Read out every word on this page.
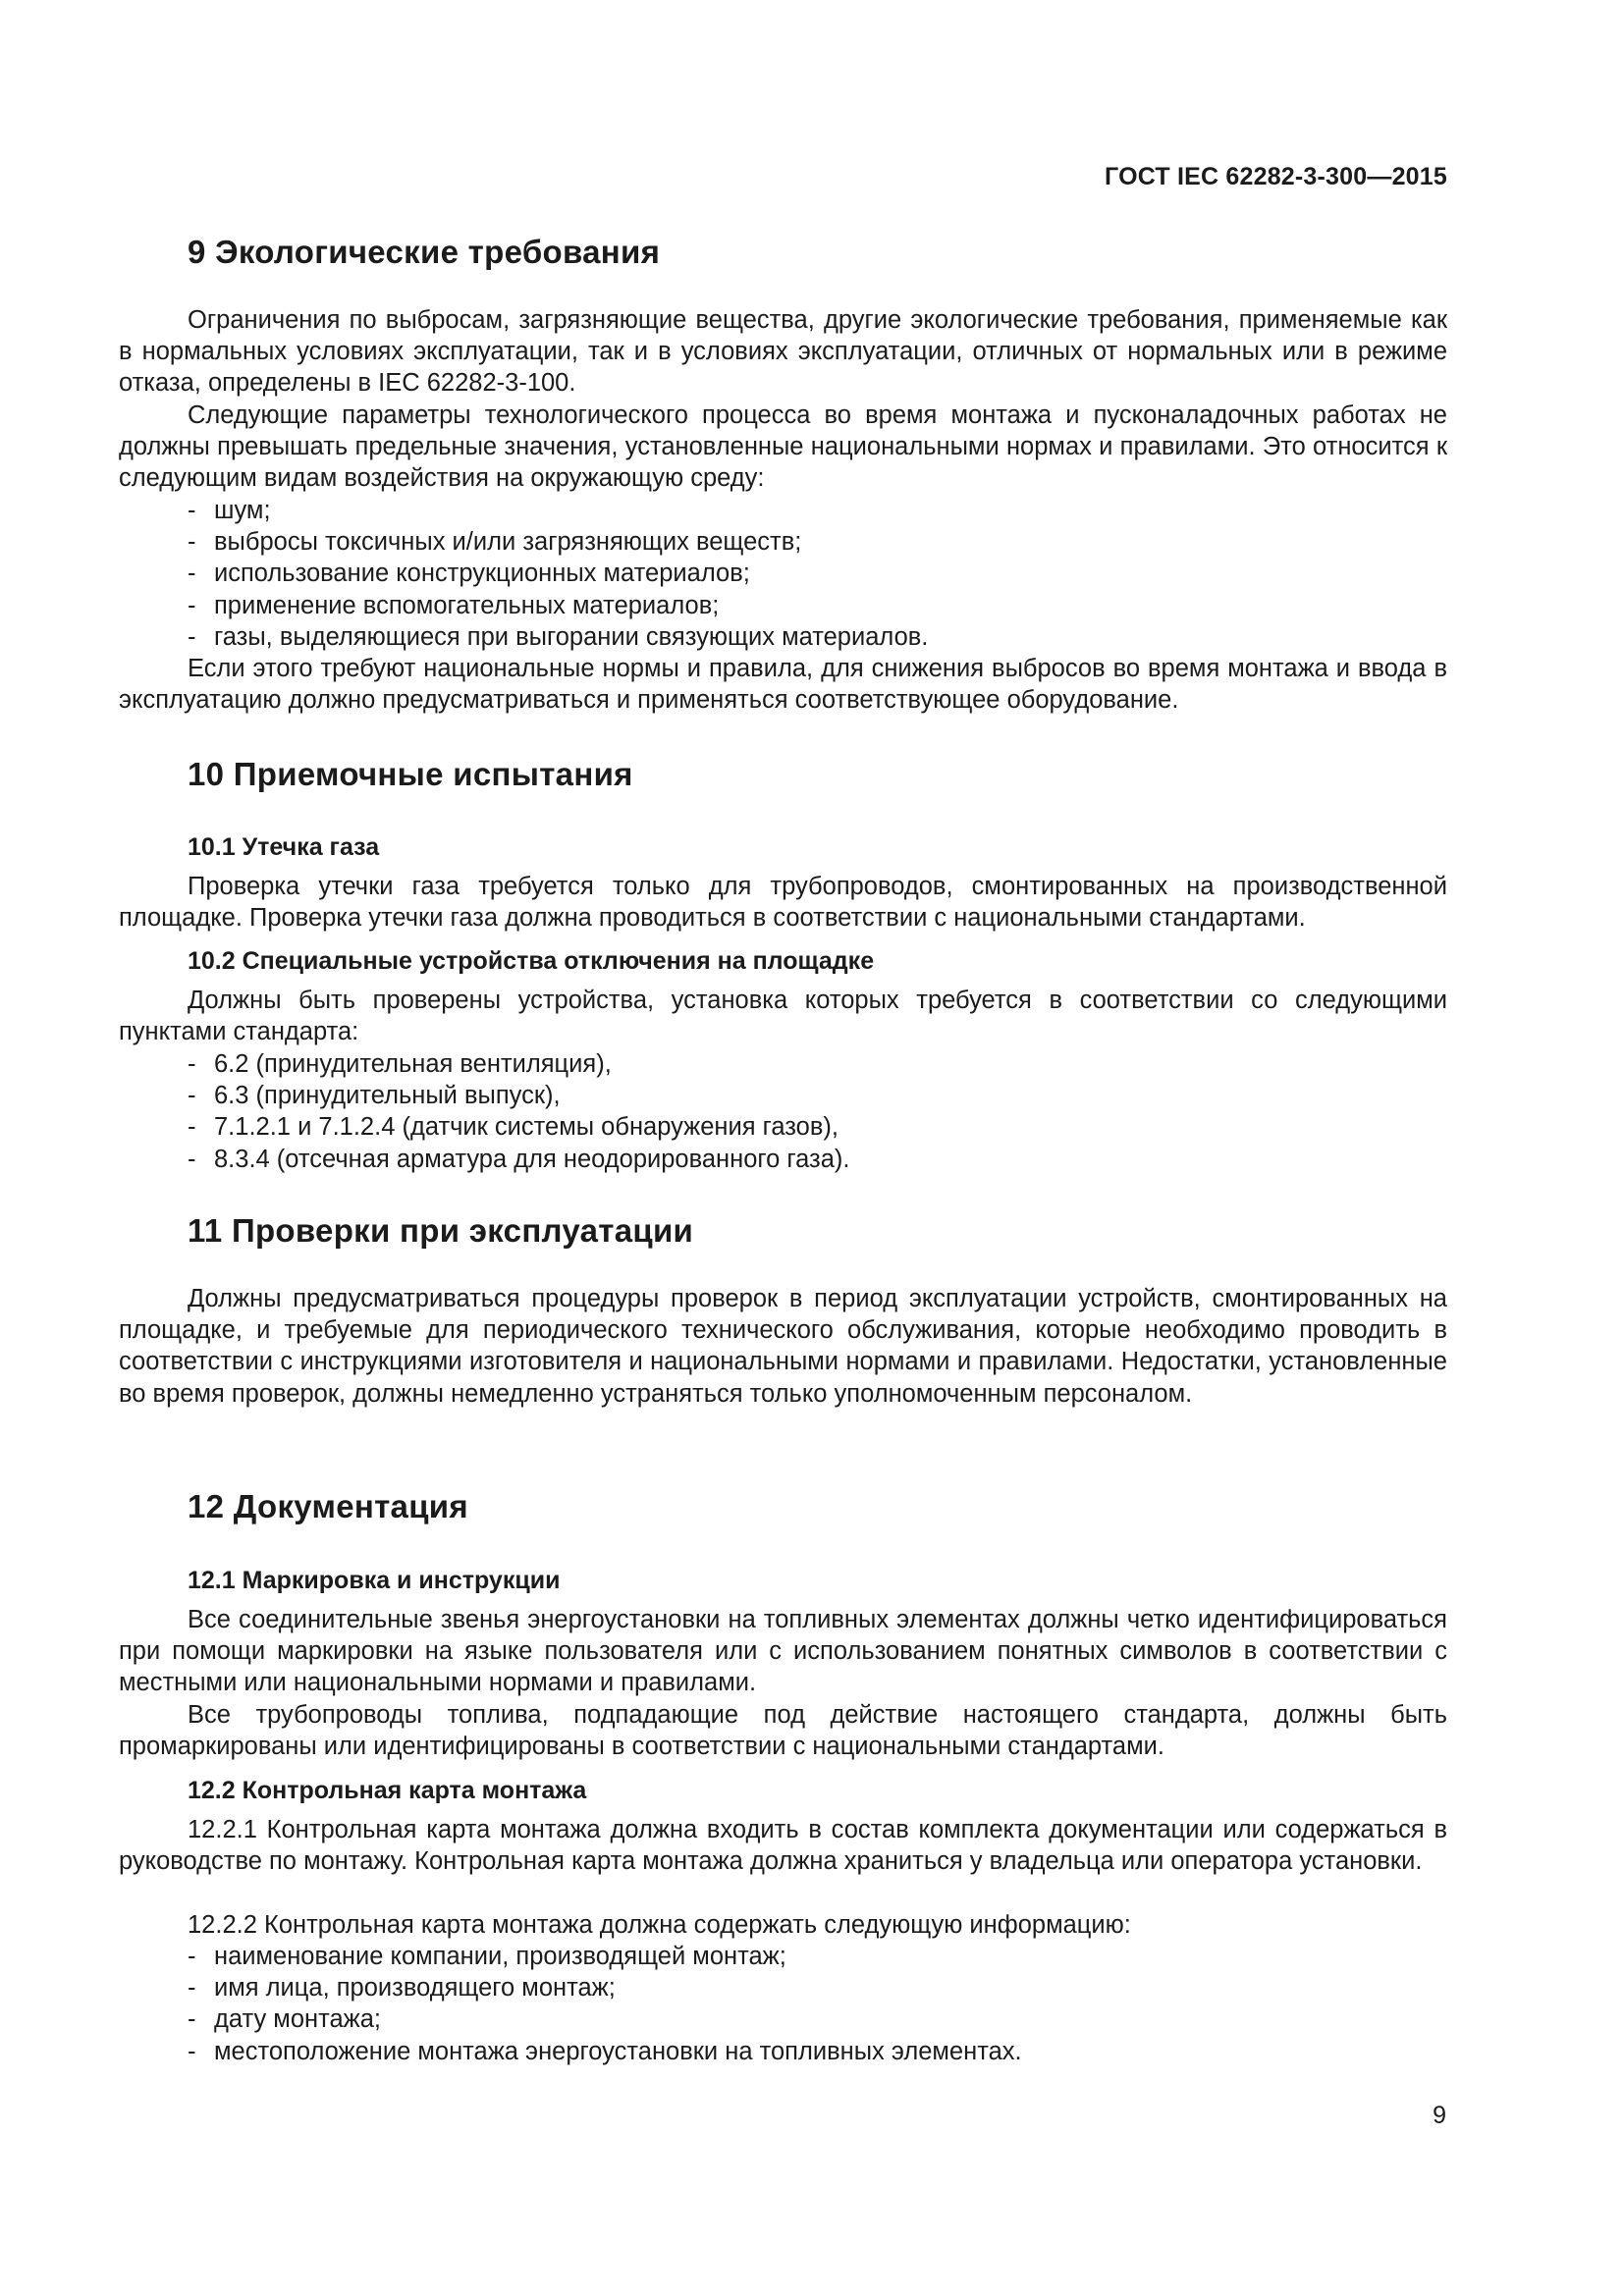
ГОСТ IEC 62282-3-300—2015
9 Экологические требования
Ограничения по выбросам, загрязняющие вещества, другие экологические требования, применяемые как в нормальных условиях эксплуатации, так и в условиях эксплуатации, отличных от нормальных или в режиме отказа, определены в IEC 62282-3-100.
Следующие параметры технологического процесса во время монтажа и пусконаладочных работах не должны превышать предельные значения, установленные национальными нормах и правилами. Это относится к следующим видам воздействия на окружающую среду:
- шум;
- выбросы токсичных и/или загрязняющих веществ;
- использование конструкционных материалов;
- применение вспомогательных материалов;
- газы, выделяющиеся при выгорании связующих материалов.
Если этого требуют национальные нормы и правила, для снижения выбросов во время монтажа и ввода в эксплуатацию должно предусматриваться и применяться соответствующее оборудование.
10 Приемочные испытания
10.1 Утечка газа
Проверка утечки газа требуется только для трубопроводов, смонтированных на производственной площадке. Проверка утечки газа должна проводиться в соответствии с национальными стандартами.
10.2 Специальные устройства отключения на площадке
Должны быть проверены устройства, установка которых требуется в соответствии со следующими пунктами стандарта:
- 6.2 (принудительная вентиляция),
- 6.3 (принудительный выпуск),
- 7.1.2.1 и 7.1.2.4 (датчик системы обнаружения газов),
- 8.3.4 (отсечная арматура для неодорированного газа).
11 Проверки при эксплуатации
Должны предусматриваться процедуры проверок в период эксплуатации устройств, смонтированных на площадке, и требуемые для периодического технического обслуживания, которые необходимо проводить в соответствии с инструкциями изготовителя и национальными нормами и правилами. Недостатки, установленные во время проверок, должны немедленно устраняться только уполномоченным персоналом.
12 Документация
12.1 Маркировка и инструкции
Все соединительные звенья энергоустановки на топливных элементах должны четко идентифицироваться при помощи маркировки на языке пользователя или с использованием понятных символов в соответствии с местными или национальными нормами и правилами.
Все трубопроводы топлива, подпадающие под действие настоящего стандарта, должны быть промаркированы или идентифицированы в соответствии с национальными стандартами.
12.2 Контрольная карта монтажа
12.2.1 Контрольная карта монтажа должна входить в состав комплекта документации или содержаться в руководстве по монтажу. Контрольная карта монтажа должна храниться у владельца или оператора установки.
12.2.2 Контрольная карта монтажа должна содержать следующую информацию:
- наименование компании, производящей монтаж;
- имя лица, производящего монтаж;
- дату монтажа;
- местоположение монтажа энергоустановки на топливных элементах.
9
